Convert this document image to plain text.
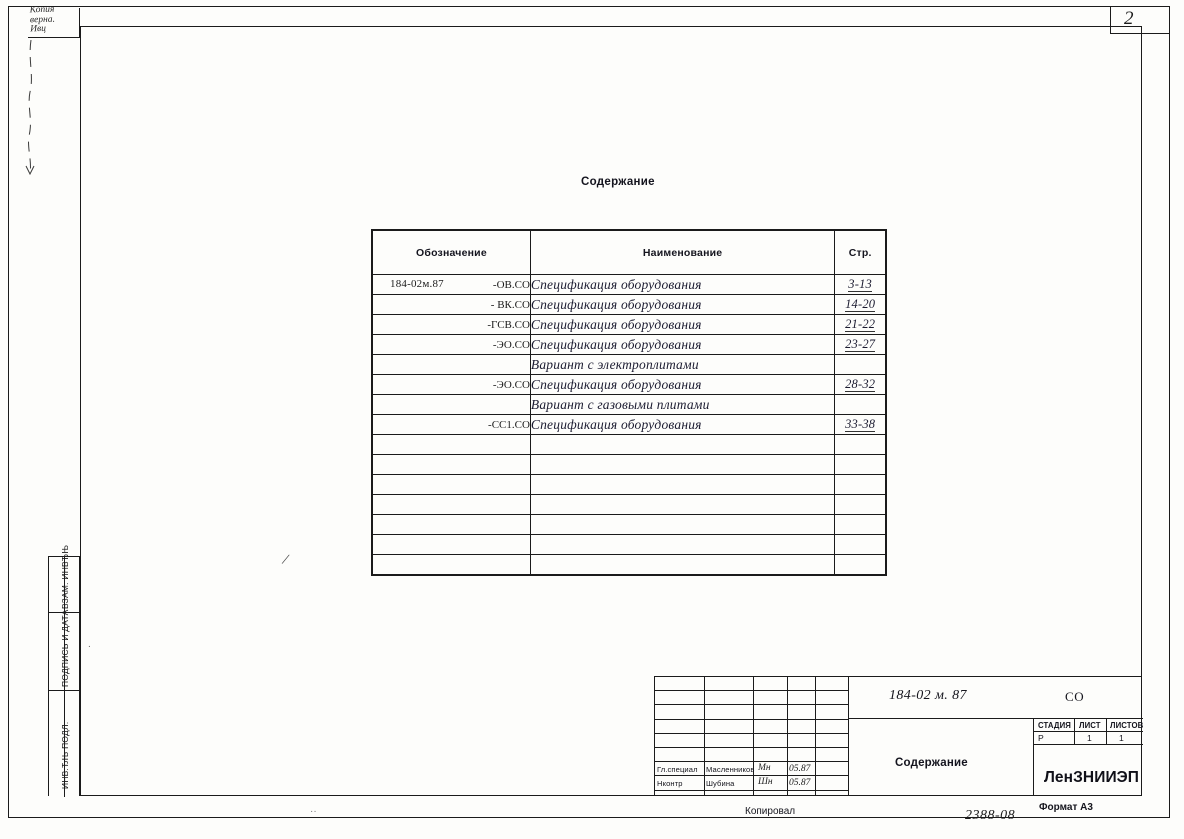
2
Копия
верна.
Ивц
ВЗАМ. ИНВЂЊ
ПОДПИСЬ И ДАТА
ИНВ.ЂЊ ПОДЛ.
Содержание
/
.
··
Обозначение	Наименование	Стр.

184-02м.87 -ОВ.СО	Спецификация оборудования	3-13
- ВК.СО	Спецификация оборудования	14-20
-ГСВ.СО	Спецификация оборудования	21-22
-ЭО.СО	Спецификация оборудования	23-27
	Вариант с электроплитами	
-ЭО.СО	Спецификация оборудования	28-32
	Вариант с газовыми плитами	
-СС1.СО	Спецификация оборудования	33-38

Гл.специал Масленников Мн 05.87
Нконтр	Шубина Шн 05.87
184-02 м. 87	СО
Содержание
СТАДИЯ ЛИСТ ЛИСТОВ
Р	1	1
ЛенЗНИИЭП
Копировал	2388-08
Формат А3
